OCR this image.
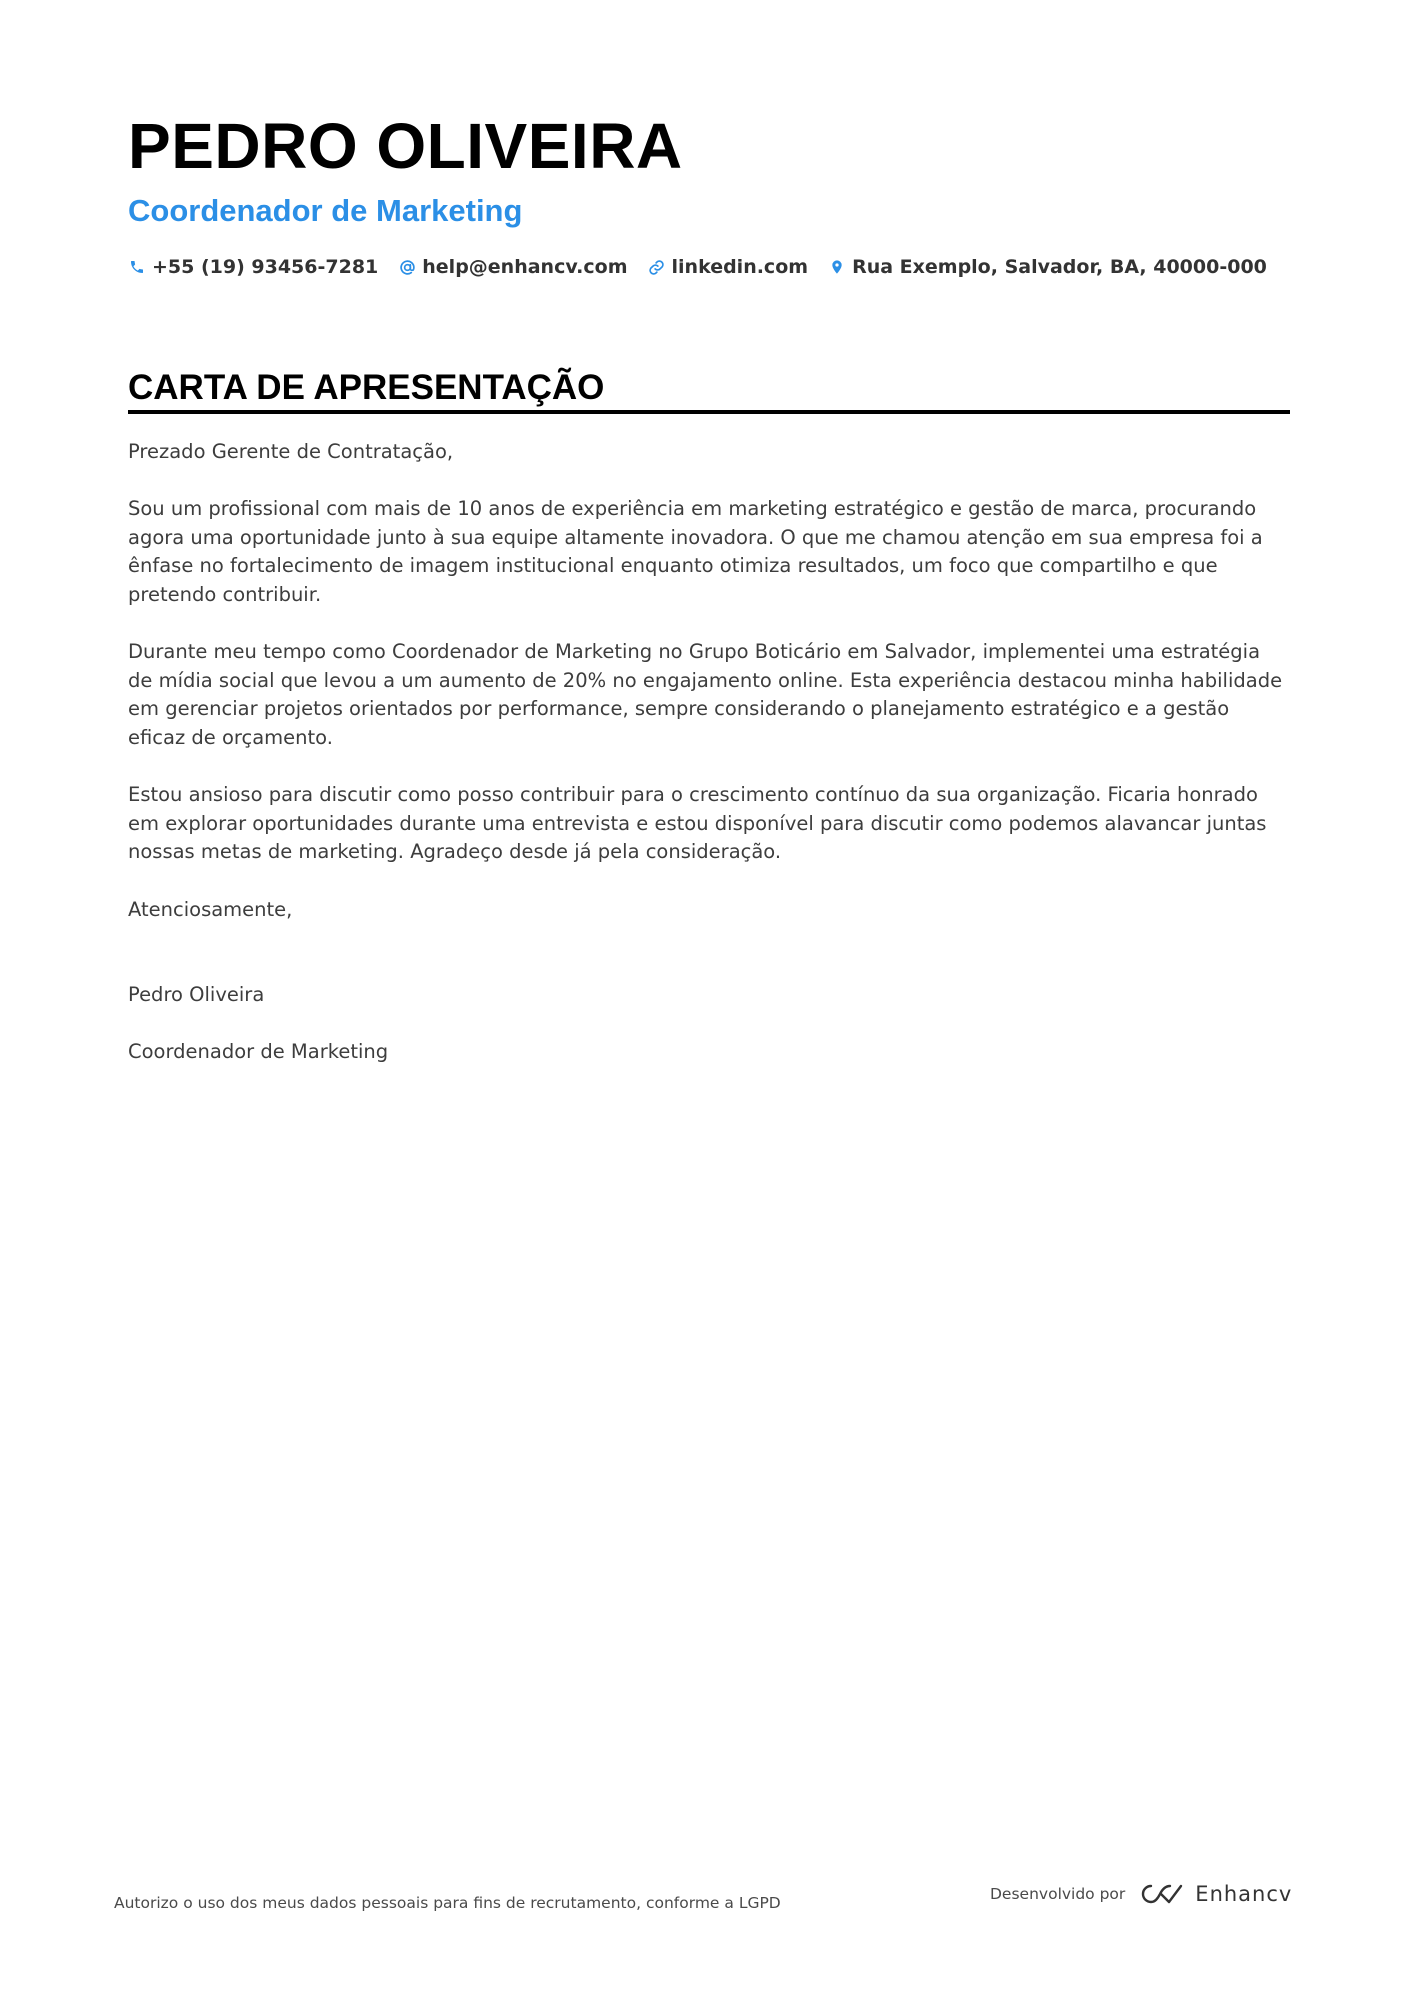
PEDRO OLIVEIRA
Coordenador de Marketing
+55 (19) 93456-7281 help@enhancv.com linkedin.com Rua Exemplo, Salvador, BA, 40000-000
CARTA DE APRESENTAÇÃO

Prezado Gerente de Contratação,

Sou um profissional com mais de 10 anos de experiência em marketing estratégico e gestão de marca, procurando agora uma oportunidade junto à sua equipe altamente inovadora. O que me chamou atenção em sua empresa foi a ênfase no fortalecimento de imagem institucional enquanto otimiza resultados, um foco que compartilho e que pretendo contribuir.

Durante meu tempo como Coordenador de Marketing no Grupo Boticário em Salvador, implementei uma estratégia de mídia social que levou a um aumento de 20% no engajamento online. Esta experiência destacou minha habilidade em gerenciar projetos orientados por performance, sempre considerando o planejamento estratégico e a gestão eficaz de orçamento.

Estou ansioso para discutir como posso contribuir para o crescimento contínuo da sua organização. Ficaria honrado em explorar oportunidades durante uma entrevista e estou disponível para discutir como podemos alavancar juntas nossas metas de marketing. Agradeço desde já pela consideração.

Atenciosamente,

Pedro Oliveira

Coordenador de Marketing

Autorizo o uso dos meus dados pessoais para fins de recrutamento, conforme a LGPD	Desenvolvido por	Enhancv
